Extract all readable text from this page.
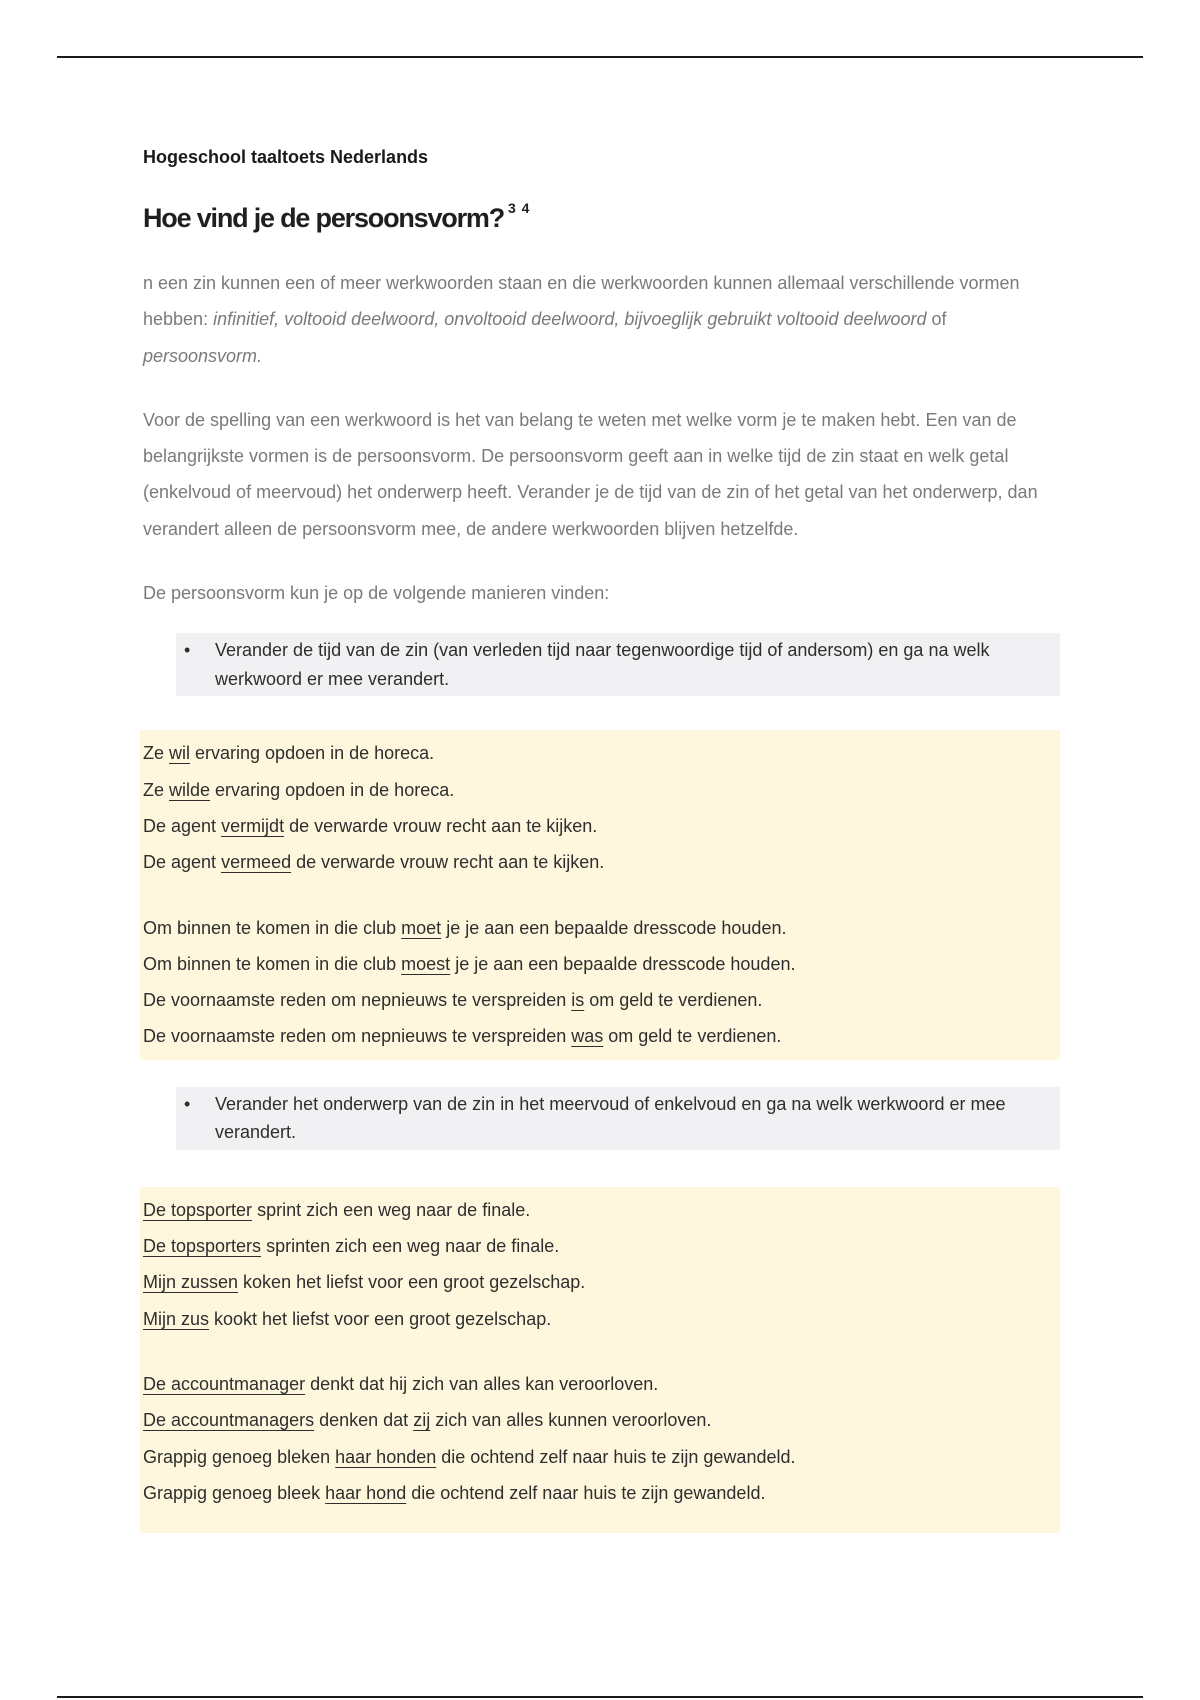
Hogeschool taaltoets Nederlands

Hoe vind je de persoonsvorm? $^{3 4}$

n een zin kunnen een of meer werkwoorden staan en die werkwoorden kunnen allemaal verschillende vormen hebben: infinitief, voltooid deelwoord, onvoltooid deelwoord, bijvoeglijk gebruikt voltooid deelwoord of persoonsvorm.

Voor de spelling van een werkwoord is het van belang te weten met welke vorm je te maken hebt. Een van de belangrijkste vormen is de persoonsvorm. De persoonsvorm geeft aan in welke tijd de zin staat en welk getal (enkelvoud of meervoud) het onderwerp heeft. Verander je de tijd van de zin of het getal van het onderwerp, dan verandert alleen de persoonsvorm mee, de andere werkwoorden blijven hetzelfde.

De persoonsvorm kun je op de volgende manieren vinden:

•	Verander de tijd van de zin (van verleden tijd naar tegenwoordige tijd of andersom) en ga na welk werkwoord er mee verandert.
Ze wil ervaring opdoen in de horeca.
Ze wilde ervaring opdoen in de horeca.
De agent vermijdt de verwarde vrouw recht aan te kijken.
De agent vermeed de verwarde vrouw recht aan te kijken.
Om binnen te komen in die club moet je je aan een bepaalde dresscode houden.
Om binnen te komen in die club moest je je aan een bepaalde dresscode houden.
De voornaamste reden om nepnieuws te verspreiden is om geld te verdienen.
De voornaamste reden om nepnieuws te verspreiden was om geld te verdienen.
•	Verander het onderwerp van de zin in het meervoud of enkelvoud en ga na welk werkwoord er mee verandert.
De topsporter sprint zich een weg naar de finale.
De topsporters sprinten zich een weg naar de finale.
Mijn zussen koken het liefst voor een groot gezelschap.
Mijn zus kookt het liefst voor een groot gezelschap.
De accountmanager denkt dat hij zich van alles kan veroorloven.
De accountmanagers denken dat zij zich van alles kunnen veroorloven.
Grappig genoeg bleken haar honden die ochtend zelf naar huis te zijn gewandeld.
Grappig genoeg bleek haar hond die ochtend zelf naar huis te zijn gewandeld.
